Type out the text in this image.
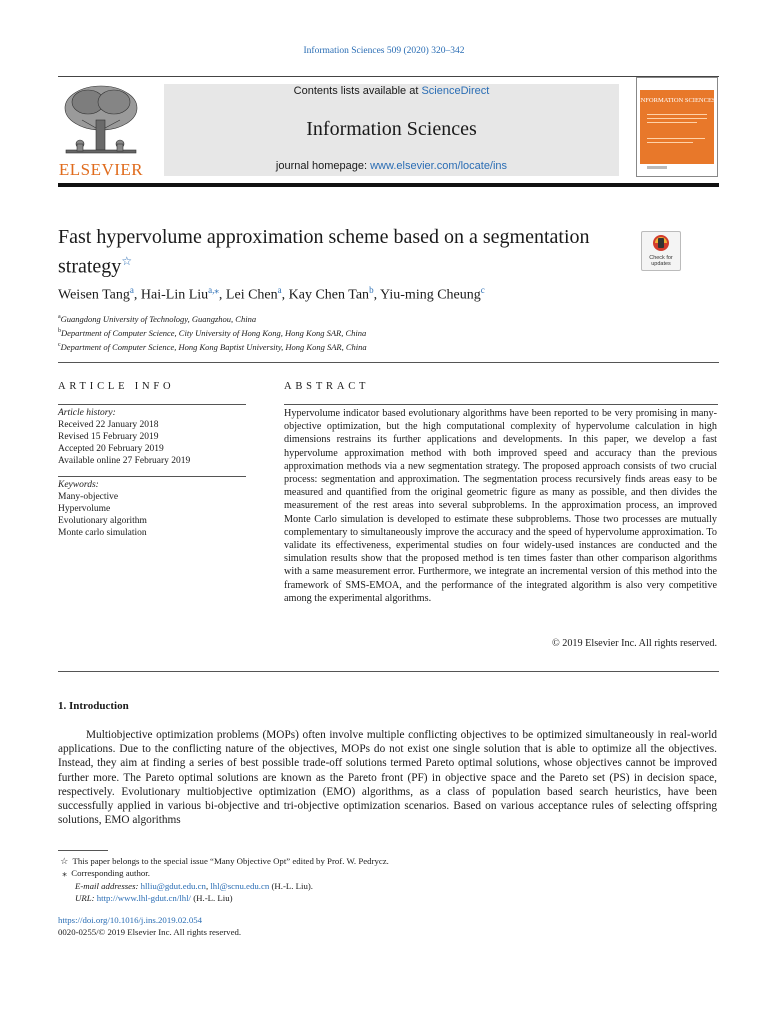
Information Sciences 509 (2020) 320–342
ELSEVIER
Contents lists available at ScienceDirect
Information Sciences
journal homepage: www.elsevier.com/locate/ins
INFORMATION SCIENCES
Fast hypervolume approximation scheme based on a segmentation strategy☆	Check for updates
Weisen Tang$^a$, Hai-Lin Liu$^{a,⁎}$, Lei Chen$^a$, Kay Chen Tan$^b$, Yiu-ming Cheung$^c$
$^a$Guangdong University of Technology, Guangzhou, China
$^b$Department of Computer Science, City University of Hong Kong, Hong Kong SAR, China
$^c$Department of Computer Science, Hong Kong Baptist University, Hong Kong SAR, China
ARTICLE INFO
Article history:
Received 22 January 2018
Revised 15 February 2019
Accepted 20 February 2019
Available online 27 February 2019
Keywords:
Many-objective
Hypervolume
Evolutionary algorithm
Monte carlo simulation
ABSTRACT
Hypervolume indicator based evolutionary algorithms have been reported to be very promising in many-objective optimization, but the high computational complexity of hypervolume calculation in high dimensions restrains its further applications and developments. In this paper, we develop a fast hypervolume approximation method with both improved speed and accuracy than the previous approximation methods via a new segmentation strategy. The proposed approach consists of two crucial process: segmentation and approximation. The segmentation process recursively finds areas easy to be measured and quantified from the original geometric figure as many as possible, and then divides the measurement of the rest areas into several subproblems. In the approximation process, an improved Monte Carlo simulation is developed to estimate these subproblems. Those two processes are mutually complementary to simultaneously improve the accuracy and the speed of hypervolume approximation. To validate its effectiveness, experimental studies on four widely-used instances are conducted and the simulation results show that the proposed method is ten times faster than other comparison algorithms with a same measurement error. Furthermore, we integrate an incremental version of this method into the framework of SMS-EMOA, and the performance of the integrated algorithm is also very competitive among the experimental algorithms.
© 2019 Elsevier Inc. All rights reserved.
1. Introduction
Multiobjective optimization problems (MOPs) often involve multiple conflicting objectives to be optimized simultaneously in real-world applications. Due to the conflicting nature of the objectives, MOPs do not exist one single solution that is able to optimize all the objectives. Instead, they aim at finding a series of best possible trade-off solutions termed Pareto optimal solutions, whose objectives cannot be improved further more. The Pareto optimal solutions are known as the Pareto front (PF) in objective space and the Pareto set (PS) in decision space, respectively. Evolutionary multiobjective optimization (EMO) algorithms, as a class of population based search heuristics, have been successfully applied in various bi-objective and tri-objective optimization scenarios. Based on various acceptance rules of selecting offspring solutions, EMO algorithms
☆ This paper belongs to the special issue “Many Objective Opt” edited by Prof. W. Pedrycz.
⁎ Corresponding author.
E-mail addresses: hlliu@gdut.edu.cn, lhl@scnu.edu.cn (H.-L. Liu).
URL: http://www.lhl-gdut.cn/lhl/ (H.-L. Liu)
https://doi.org/10.1016/j.ins.2019.02.054
0020-0255/© 2019 Elsevier Inc. All rights reserved.
